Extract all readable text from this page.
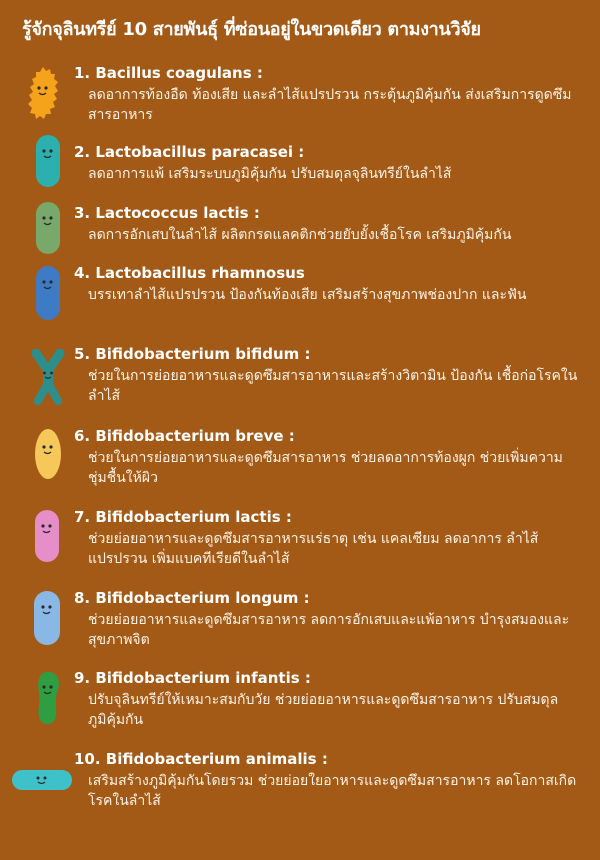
รู้จักจุลินทรีย์ 10 สายพันธุ์ ที่ซ่อนอยู่ในขวดเดียว ตามงานวิจัย
1. Bacillus coagulans :
ลดอาการท้องอืด ท้องเสีย และลำไส้แปรปรวน กระตุ้นภูมิคุ้มกัน ส่งเสริมการดูดซึมสารอาหาร
2. Lactobacillus paracasei :
ลดอาการแพ้ เสริมระบบภูมิคุ้มกัน ปรับสมดุลจุลินทรีย์ในลำไส้
3. Lactococcus lactis :
ลดการอักเสบในลำไส้ ผลิตกรดแลคติกช่วยยับยั้งเชื้อโรค เสริมภูมิคุ้มกัน
4. Lactobacillus rhamnosus
บรรเทาลำไส้แปรปรวน ป้องกันท้องเสีย เสริมสร้างสุขภาพช่องปาก และฟัน
5. Bifidobacterium bifidum :
ช่วยในการย่อยอาหารและดูดซึมสารอาหารและสร้างวิตามิน ป้องกัน เชื้อก่อโรคในลำไส้
6. Bifidobacterium breve :
ช่วยในการย่อยอาหารและดูดซึมสารอาหาร ช่วยลดอาการท้องผูก ช่วยเพิ่มความชุ่มชื้นให้ผิว
7. Bifidobacterium lactis :
ช่วยย่อยอาหารและดูดซึมสารอาหารแร่ธาตุ เช่น แคลเซียม ลดอาการ ลำไส้แปรปรวน เพิ่มแบคทีเรียดีในลำไส้
8. Bifidobacterium longum :
ช่วยย่อยอาหารและดูดซึมสารอาหาร ลดการอักเสบและแพ้อาหาร บำรุงสมองและสุขภาพจิต
9. Bifidobacterium infantis :
ปรับจุลินทรีย์ให้เหมาะสมกับวัย ช่วยย่อยอาหารและดูดซึมสารอาหาร ปรับสมดุลภูมิคุ้มกัน
10. Bifidobacterium animalis :
เสริมสร้างภูมิคุ้มกันโดยรวม ช่วยย่อยใยอาหารและดูดซึมสารอาหาร ลดโอกาสเกิดโรคในลำไส้
